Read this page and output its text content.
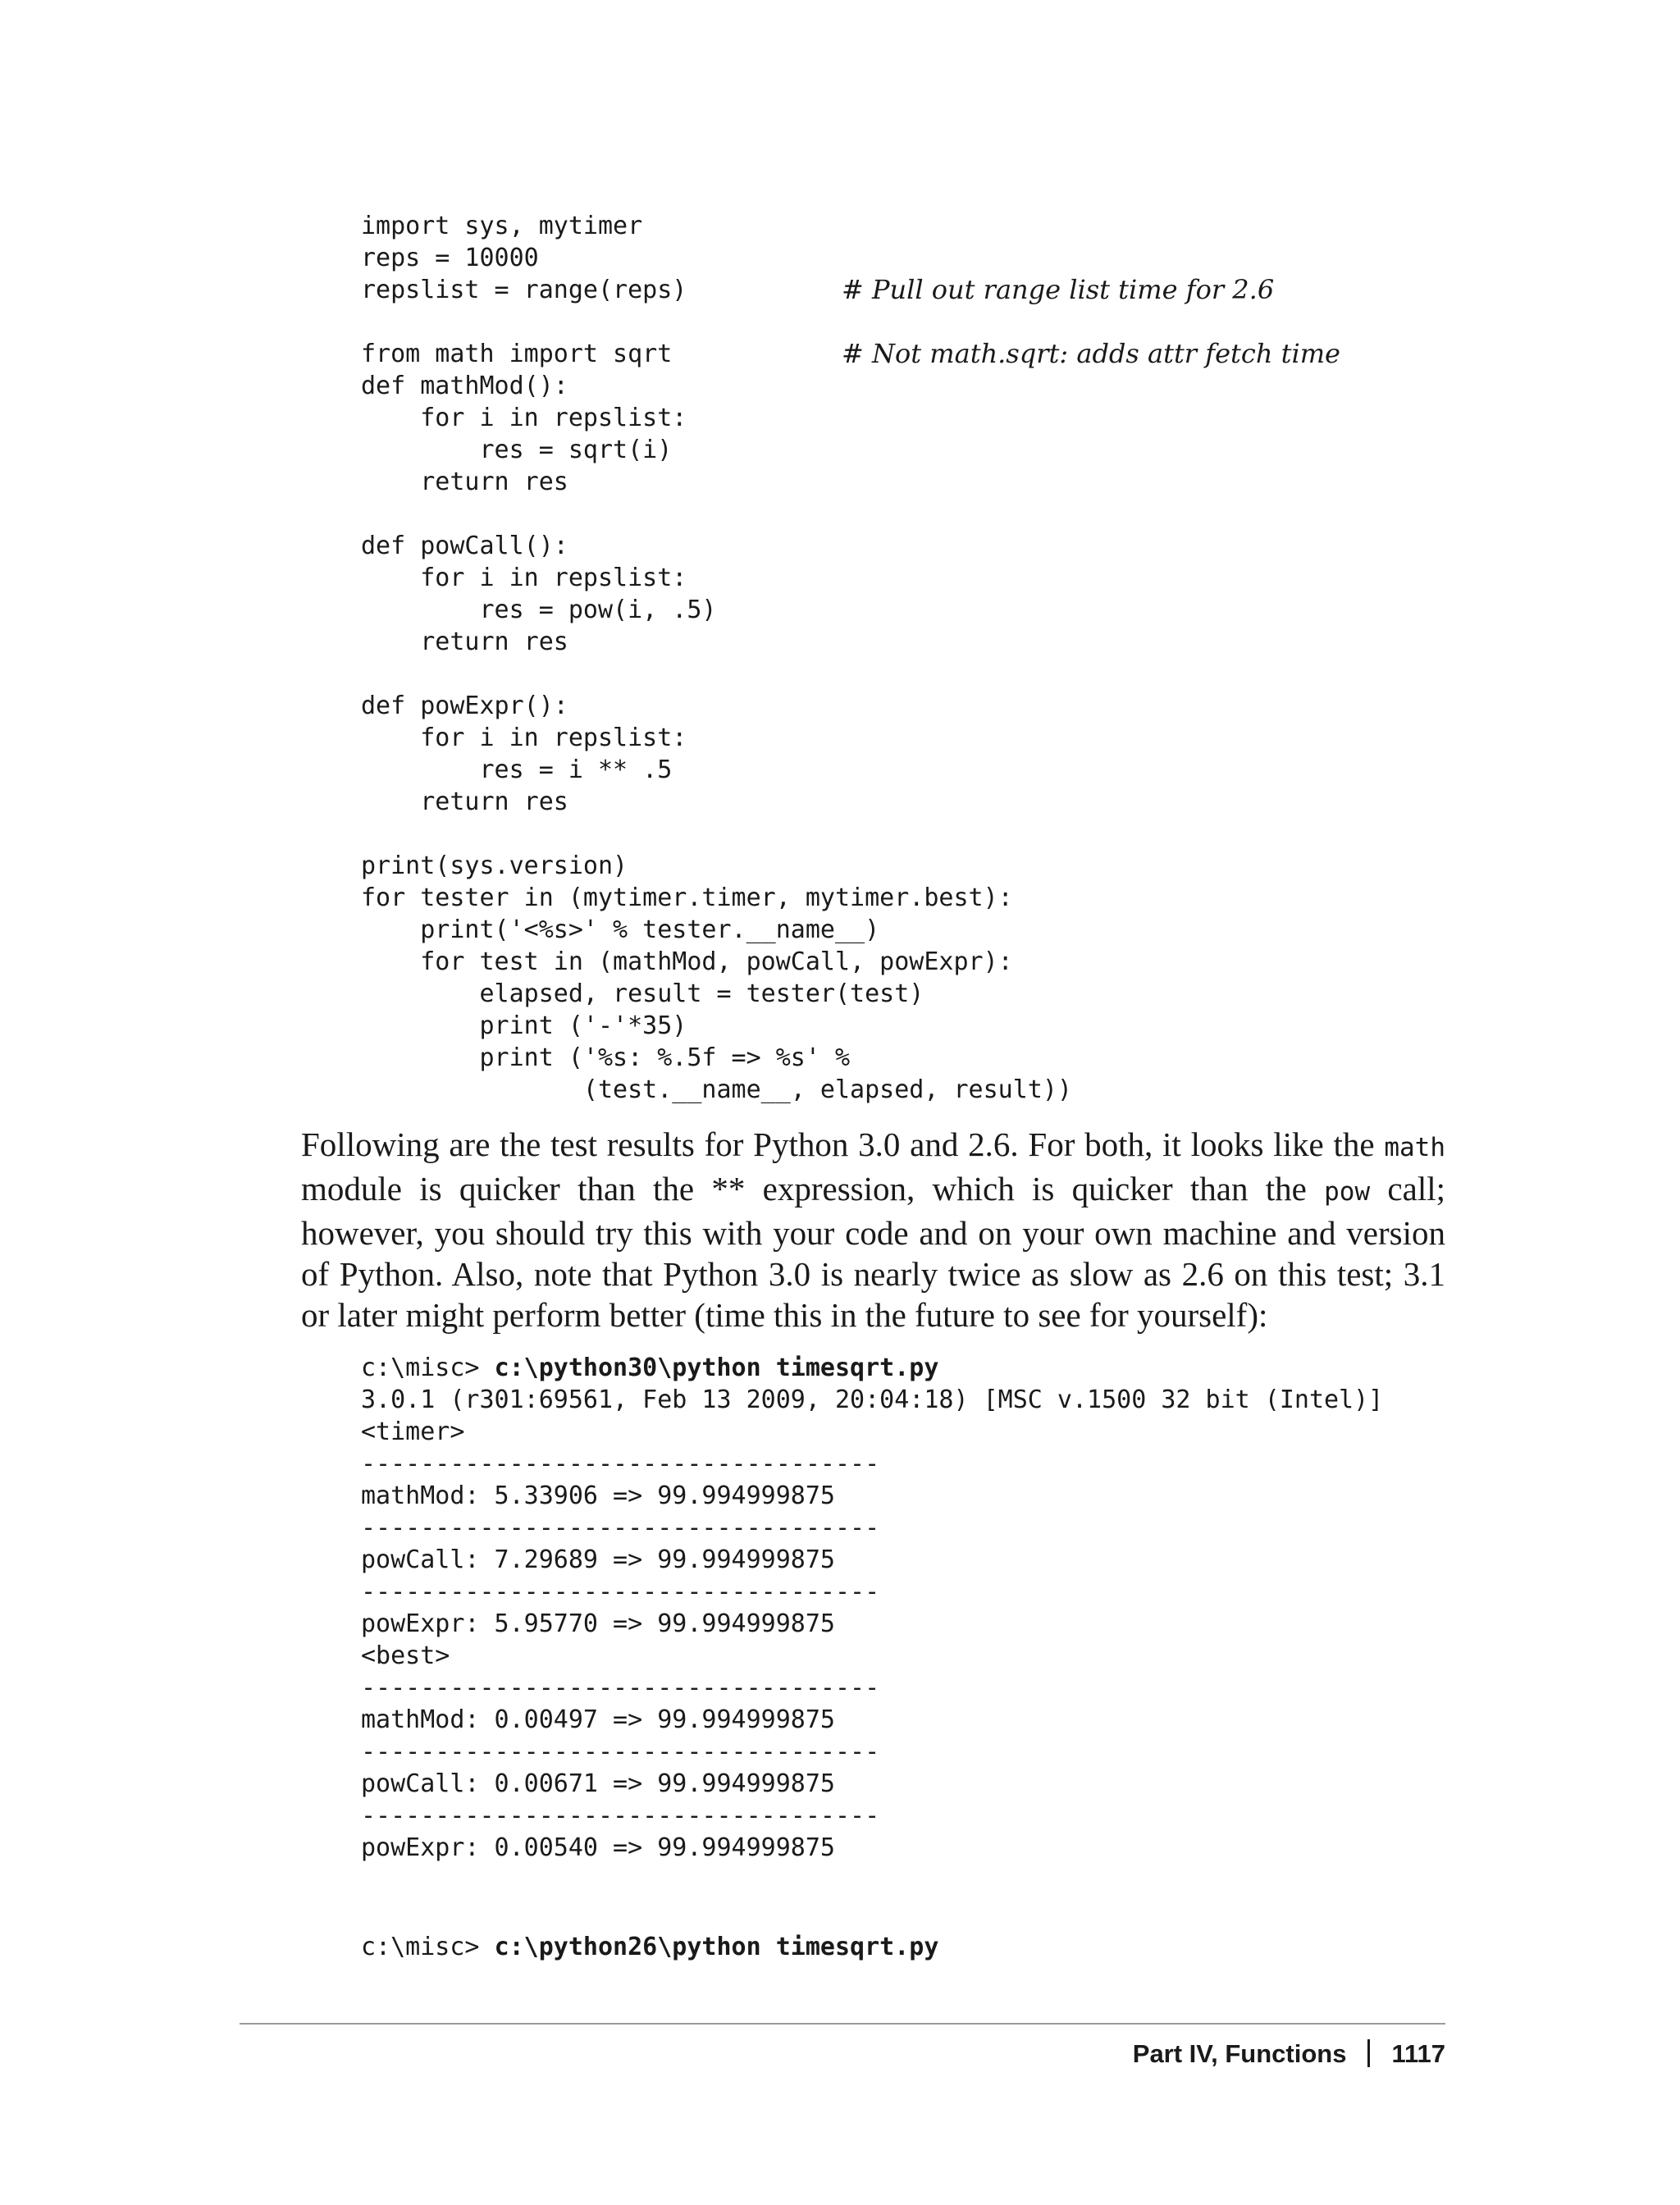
import sys, mytimer
reps = 10000
repslist = range(reps)

from math import sqrt
def mathMod():
for i in repslist:
res = sqrt(i)
return res

def powCall():
for i in repslist:
res = pow(i, .5)
return res

def powExpr():
for i in repslist:
res = i ** .5
return res

print(sys.version)
for tester in (mytimer.timer, mytimer.best):
print('<%s>' % tester.__name__)
for test in (mathMod, powCall, powExpr):
elapsed, result = tester(test)
print ('-'*35)
print ('%s: %.5f => %s' %
(test.__name__, elapsed, result))
# Pull out range list time for 2.6
# Not math.sqrt: adds attr fetch time

Following are the test results for Python 3.0 and 2.6. For both, it looks like the math module is quicker than the ** expression, which is quicker than the pow call; however, you should try this with your code and on your own machine and version of Python. Also, note that Python 3.0 is nearly twice as slow as 2.6 on this test; 3.1 or later might perform better (time this in the future to see for yourself):

c:\misc> c:\python30\python timesqrt.py
3.0.1 (r301:69561, Feb 13 2009, 20:04:18) [MSC v.1500 32 bit (Intel)]
<timer>
-----------------------------------
mathMod: 5.33906 => 99.994999875
-----------------------------------
powCall: 7.29689 => 99.994999875
-----------------------------------
powExpr: 5.95770 => 99.994999875
<best>
-----------------------------------
mathMod: 0.00497 => 99.994999875
-----------------------------------
powCall: 0.00671 => 99.994999875
-----------------------------------
powExpr: 0.00540 => 99.994999875
c:\misc> c:\python26\python timesqrt.py
Part IV, Functions 1117
